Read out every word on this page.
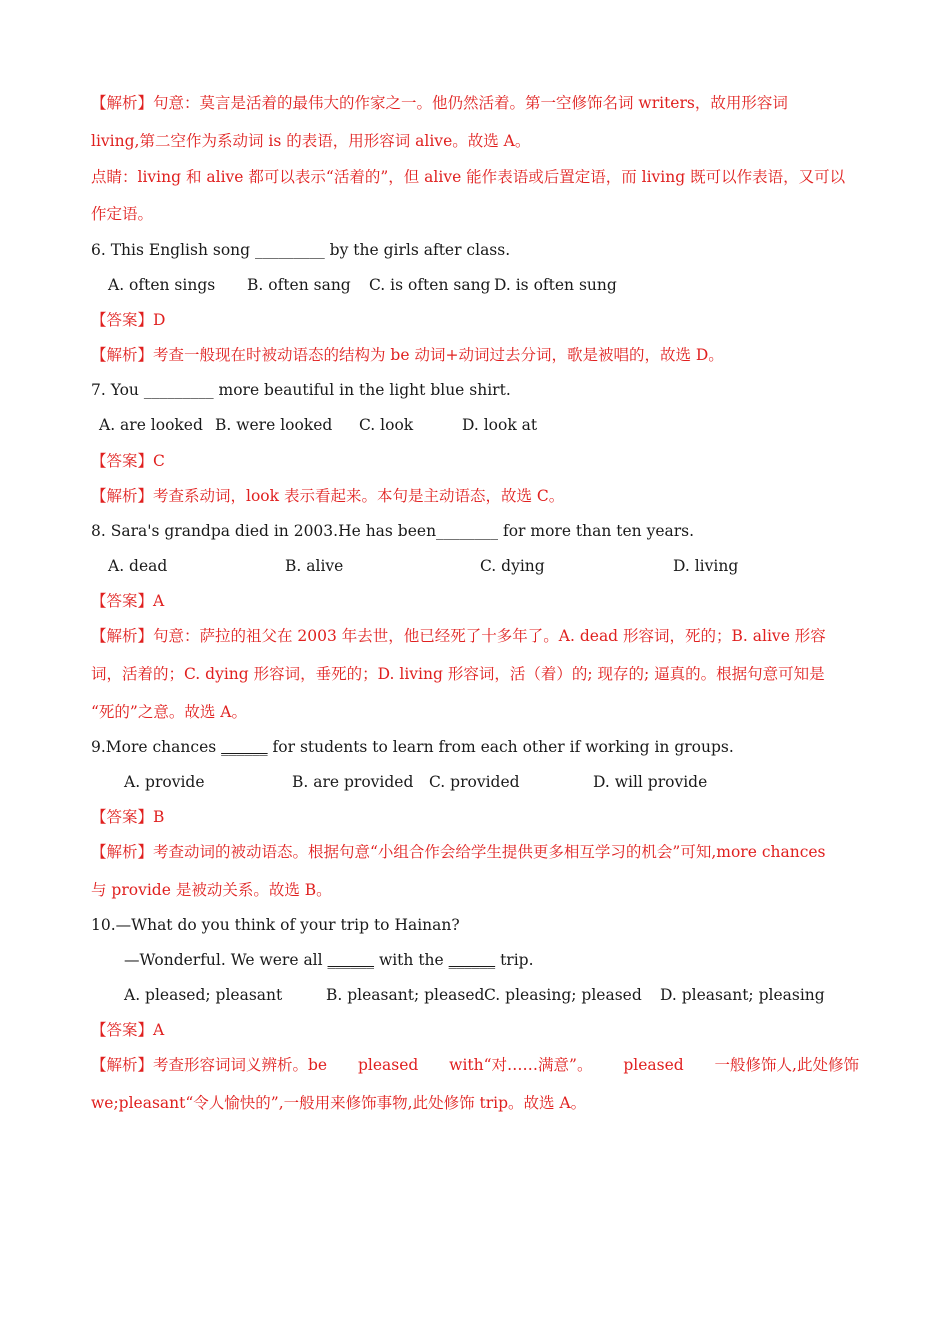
【解析】句意：莫言是活着的最伟大的作家之一。他仍然活着。第一空修饰名词 writers，故用形容词
living,第二空作为系动词 is 的表语，用形容词 alive。故选 A。
点睛：living 和 alive 都可以表示“活着的”，但 alive 能作表语或后置定语，而 living 既可以作表语，又可以
作定语。
6. This English song _________ by the girls after class.
A. often sings B. often sang C. is often sang D. is often sung
【答案】D
【解析】考查一般现在时被动语态的结构为 be 动词+动词过去分词，歌是被唱的，故选 D。
7. You _________ more beautiful in the light blue shirt.
A. are looked B. were looked C. look	D. look at
【答案】C
【解析】考查系动词，look 表示看起来。本句是主动语态，故选 C。
8. Sara's grandpa died in 2003.He has been________ for more than ten years.
A. dead	B. alive	C. dying	D. living
【答案】A
【解析】句意：萨拉的祖父在 2003 年去世，他已经死了十多年了。A. dead 形容词，死的；B. alive 形容
词，活着的；C. dying 形容词，垂死的；D. living 形容词，活（着）的; 现存的; 逼真的。根据句意可知是
“死的”之意。故选 A。
9.More chances ______ for students to learn from each other if working in groups.
A. provide	B. are provided C. provided	D. will provide
【答案】B
【解析】考查动词的被动语态。根据句意“小组合作会给学生提供更多相互学习的机会”可知,more chances
与 provide 是被动关系。故选 B。
10.—What do you think of your trip to Hainan?
—Wonderful. We were all ______ with the ______ trip.
A. pleased; pleasant	B. pleasant; pleased C. pleasing; pleased D. pleasant; pleasing
【答案】A
【解析】考查形容词词义辨析。be pleased with“对……满意”。 pleased 一般修饰人,此处修饰
we;pleasant“令人愉快的”,一般用来修饰事物,此处修饰 trip。故选 A。
